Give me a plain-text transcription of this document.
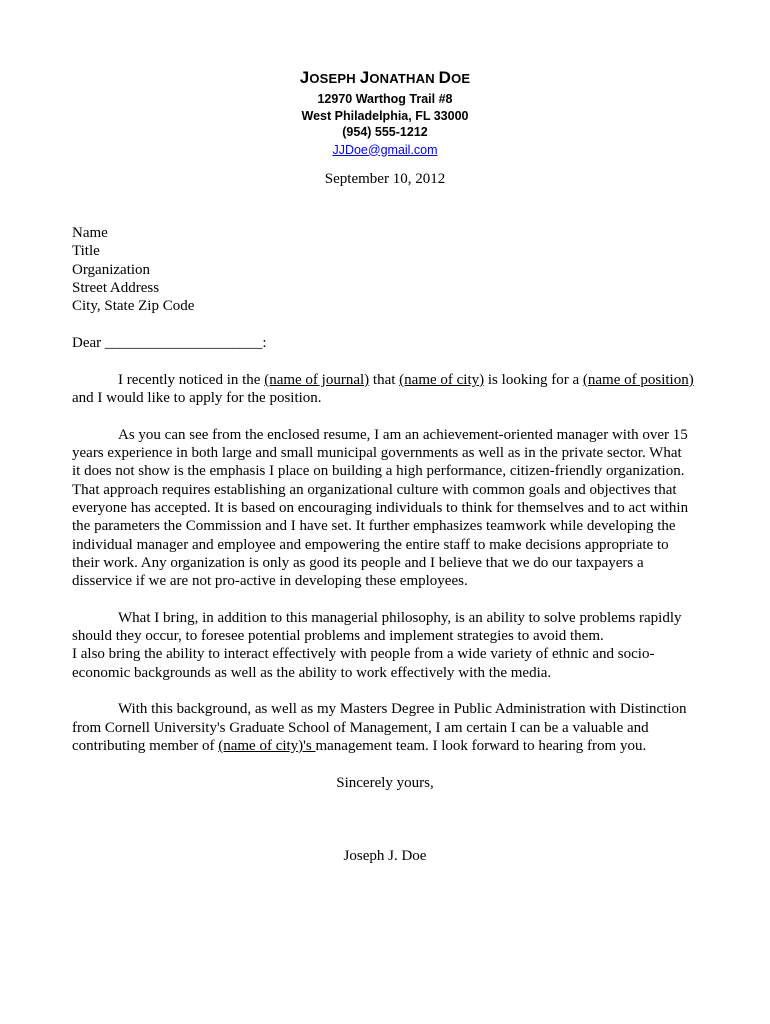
JOSEPH JONATHAN DOE
12970 Warthog Trail #8
West Philadelphia, FL 33000
(954) 555-1212
JJDoe@gmail.com
September 10, 2012
Name
Title
Organization
Street Address
City, State Zip Code
Dear _____________________:
I recently noticed in the (name of journal) that (name of city) is looking for a (name of position)
and I would like to apply for the position.
As you can see from the enclosed resume, I am an achievement-oriented manager with over 15
years experience in both large and small municipal governments as well as in the private sector. What
it does not show is the emphasis I place on building a high performance, citizen-friendly organization.
That approach requires establishing an organizational culture with common goals and objectives that
everyone has accepted. It is based on encouraging individuals to think for themselves and to act within
the parameters the Commission and I have set. It further emphasizes teamwork while developing the
individual manager and employee and empowering the entire staff to make decisions appropriate to
their work. Any organization is only as good its people and I believe that we do our taxpayers a
disservice if we are not pro-active in developing these employees.
What I bring, in addition to this managerial philosophy, is an ability to solve problems rapidly
should they occur, to foresee potential problems and implement strategies to avoid them.
I also bring the ability to interact effectively with people from a wide variety of ethnic and socio-
economic backgrounds as well as the ability to work effectively with the media.
With this background, as well as my Masters Degree in Public Administration with Distinction
from Cornell University's Graduate School of Management, I am certain I can be a valuable and
contributing member of (name of city)'s management team. I look forward to hearing from you.
Sincerely yours,
Joseph J. Doe
